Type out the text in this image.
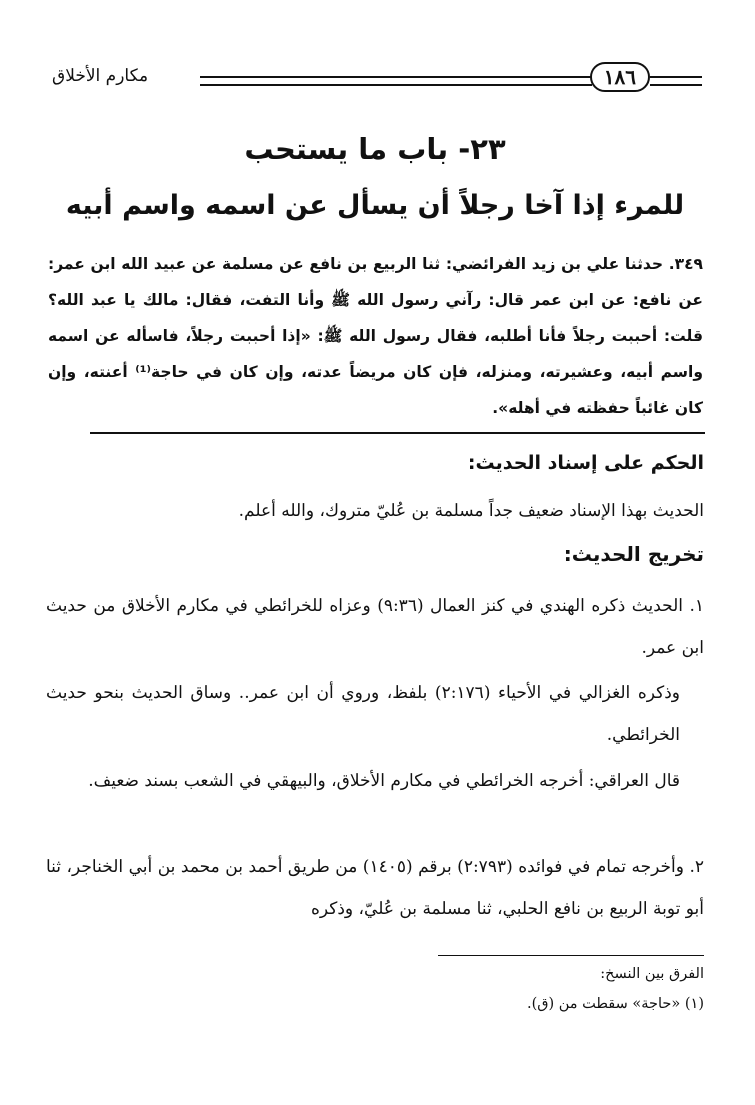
مكارم الأخلاق	١٨٦
٢٣- باب ما يستحب
للمرء إذا آخا رجلاً أن يسأل عن اسمه واسم أبيه
٣٤٩. حدثنا علي بن زيد الفرائضي: ثنا الربيع بن نافع عن مسلمة عن عبيد الله ابن عمر: عن نافع: عن ابن عمر قال: رآني رسول الله ﷺ وأنا التفت، فقال: مالك يا عبد الله؟ قلت: أحببت رجلاً فأنا أطلبه، فقال رسول الله ﷺ: «إذا أحببت رجلاً، فاسأله عن اسمه واسم أبيه، وعشيرته، ومنزله، فإن كان مريضاً عدته، وإن كان في حاجة⁽¹⁾ أعنته، وإن كان غائباً حفظته في أهله».
الحكم على إسناد الحديث:
الحديث بهذا الإسناد ضعيف جداً مسلمة بن عُليّ متروك، والله أعلم.
تخريج الحديث:
١. الحديث ذكره الهندي في كنز العمال (٩:٣٦) وعزاه للخرائطي في مكارم الأخلاق من حديث ابن عمر.
وذكره الغزالي في الأحياء (٢:١٧٦) بلفظ، وروي أن ابن عمر.. وساق الحديث بنحو حديث الخرائطي.
قال العراقي: أخرجه الخرائطي في مكارم الأخلاق، والبيهقي في الشعب بسند ضعيف.
٢. وأخرجه تمام في فوائده (٢:٧٩٣) برقم (١٤٠٥) من طريق أحمد بن محمد بن أبي الخناجر، ثنا أبو توبة الربيع بن نافع الحلبي، ثنا مسلمة بن عُليّ، وذكره
الفرق بين النسخ:
(١) «حاجة» سقطت من (ق).
